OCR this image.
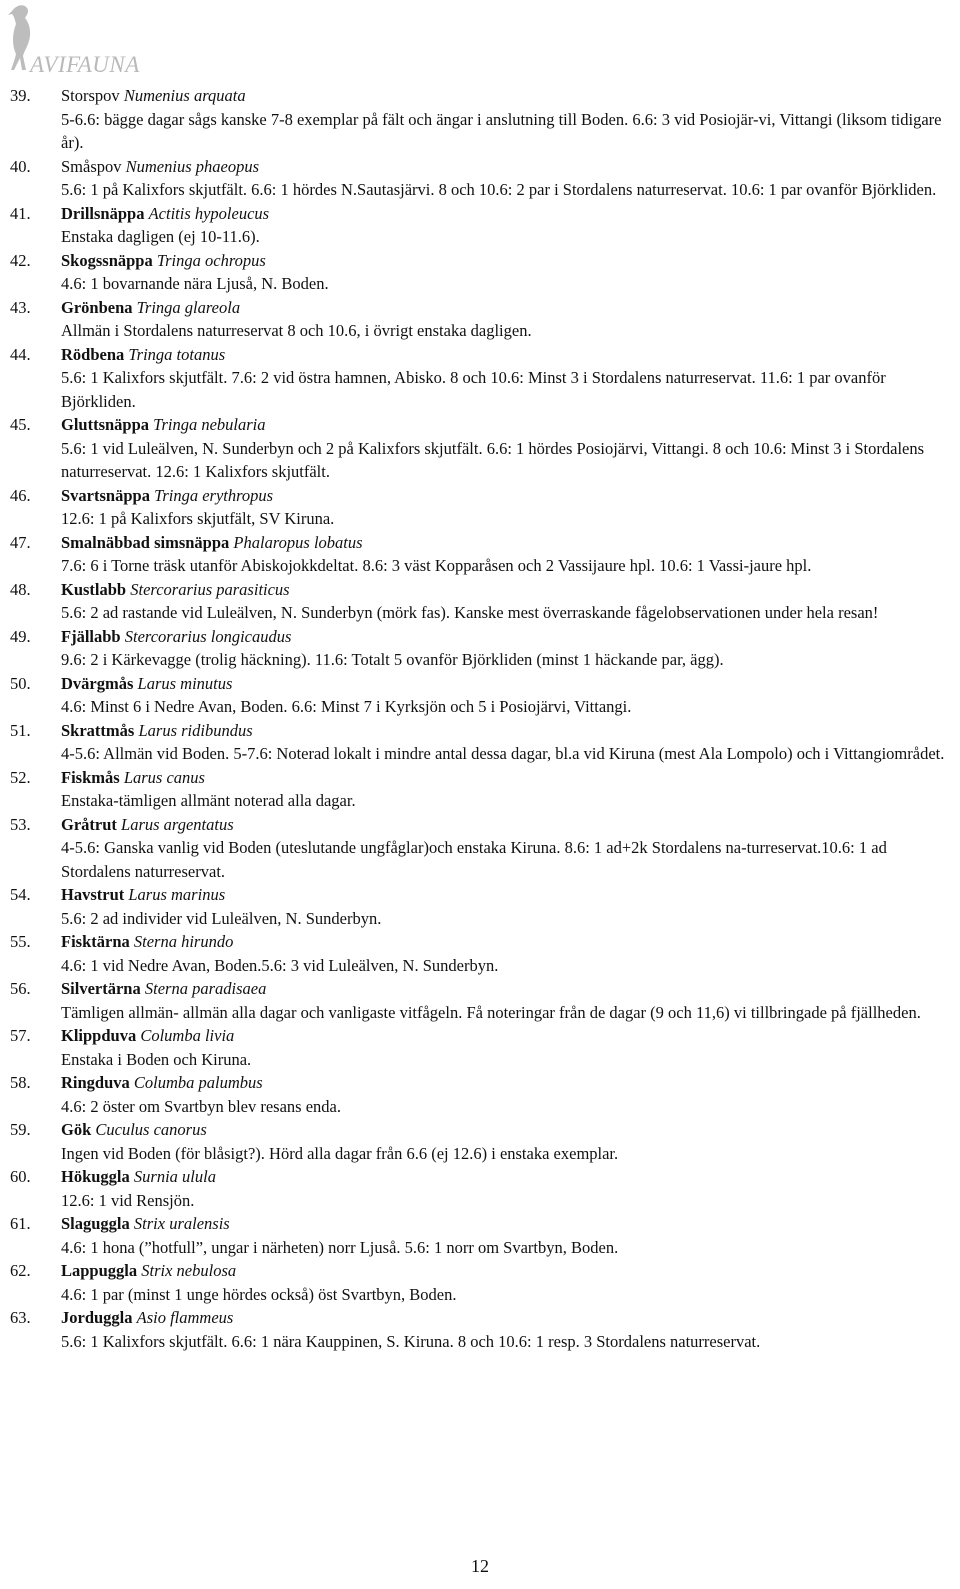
AVIFAUNA
39. Storspov Numenius arquata
5-6.6: bägge dagar sågs kanske 7-8 exemplar på fält och ängar i anslutning till Boden. 6.6: 3 vid Posiojär-vi, Vittangi (liksom tidigare år).
40. Småspov Numenius phaeopus
5.6: 1 på Kalixfors skjutfält. 6.6: 1 hördes N.Sautasjärvi. 8 och 10.6: 2 par i Stordalens naturreservat. 10.6: 1 par ovanför Björkliden.
41. Drillsnäppa Actitis hypoleucus
Enstaka dagligen (ej 10-11.6).
42. Skogssnäppa Tringa ochropus
4.6: 1 bovarnande nära Ljuså, N. Boden.
43. Grönbena Tringa glareola
Allmän i Stordalens naturreservat 8 och 10.6, i övrigt enstaka dagligen.
44. Rödbena Tringa totanus
5.6: 1 Kalixfors skjutfält. 7.6: 2 vid östra hamnen, Abisko. 8 och 10.6: Minst 3 i Stordalens naturreservat. 11.6: 1 par ovanför Björkliden.
45. Gluttsnäppa Tringa nebularia
5.6: 1 vid Luleälven, N. Sunderbyn och 2 på Kalixfors skjutfält. 6.6: 1 hördes Posiojärvi, Vittangi. 8 och 10.6: Minst 3 i Stordalens naturreservat. 12.6: 1 Kalixfors skjutfält.
46. Svartsnäppa Tringa erythropus
12.6: 1 på Kalixfors skjutfält, SV Kiruna.
47. Smalnäbbad simsnäppa Phalaropus lobatus
7.6: 6 i Torne träsk utanför Abiskojokkdeltat. 8.6: 3 väst Kopparåsen och 2 Vassijaure hpl. 10.6: 1 Vassi-jaure hpl.
48. Kustlabb Stercorarius parasiticus
5.6: 2 ad rastande vid Luleälven, N. Sunderbyn (mörk fas). Kanske mest överraskande fågelobservationen under hela resan!
49. Fjällabb Stercorarius longicaudus
9.6: 2 i Kärkevagge (trolig häckning). 11.6: Totalt 5 ovanför Björkliden (minst 1 häckande par, ägg).
50. Dvärgmås Larus minutus
4.6: Minst 6 i Nedre Avan, Boden. 6.6: Minst 7 i Kyrksjön och 5 i Posiojärvi, Vittangi.
51. Skrattmås Larus ridibundus
4-5.6: Allmän vid Boden. 5-7.6: Noterad lokalt i mindre antal dessa dagar, bl.a vid Kiruna (mest Ala Lompolo) och i Vittangiområdet.
52. Fiskmås Larus canus
Enstaka-tämligen allmänt noterad alla dagar.
53. Gråtrut Larus argentatus
4-5.6: Ganska vanlig vid Boden (uteslutande ungfåglar)och enstaka Kiruna. 8.6: 1 ad+2k Stordalens na-turreservat.10.6: 1 ad Stordalens naturreservat.
54. Havstrut Larus marinus
5.6: 2 ad individer vid Luleälven, N. Sunderbyn.
55. Fisktärna Sterna hirundo
4.6: 1 vid Nedre Avan, Boden.5.6: 3 vid Luleälven, N. Sunderbyn.
56. Silvertärna Sterna paradisaea
Tämligen allmän- allmän alla dagar och vanligaste vitfågeln. Få noteringar från de dagar (9 och 11,6) vi tillbringade på fjällheden.
57. Klippduva Columba livia
Enstaka i Boden och Kiruna.
58. Ringduva Columba palumbus
4.6: 2 öster om Svartbyn blev resans enda.
59. Gök Cuculus canorus
Ingen vid Boden (för blåsigt?). Hörd alla dagar från 6.6 (ej 12.6) i enstaka exemplar.
60. Hökuggla Surnia ulula
12.6: 1 vid Rensjön.
61. Slaguggla Strix uralensis
4.6: 1 hona (”hotfull”, ungar i närheten) norr Ljuså. 5.6: 1 norr om Svartbyn, Boden.
62. Lappuggla Strix nebulosa
4.6: 1 par (minst 1 unge hördes också) öst Svartbyn, Boden.
63. Jorduggla Asio flammeus
5.6: 1 Kalixfors skjutfält. 6.6: 1 nära Kauppinen, S. Kiruna. 8 och 10.6: 1 resp. 3 Stordalens naturreservat.
12
